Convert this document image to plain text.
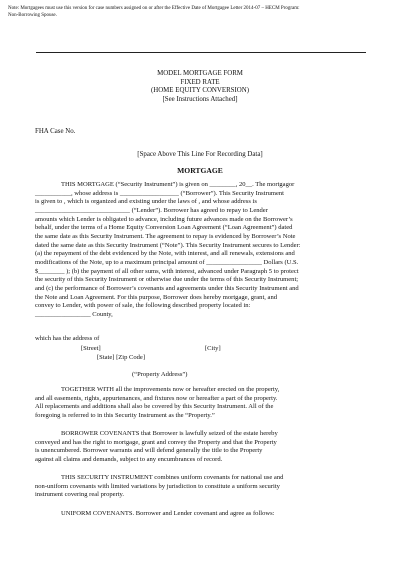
Note: Mortgagees must use this version for case numbers assigned on or after the Effective Date of Mortgagee Letter 2014-07 – HECM Program:
Non-Borrowing Spouse.
MODEL MORTGAGE FORM
FIXED RATE
(HOME EQUITY CONVERSION)
[See Instructions Attached]
FHA Case No.
[Space Above This Line For Recording Data]
MORTGAGE
THIS MORTGAGE (“Security Instrument”) is given on ________, 20__. The mortgagor
___________, whose address is __________________ (“Borrower”). This Security Instrument
is given to , which is organized and existing under the laws of , and whose address is
_____________________________ (“Lender”). Borrower has agreed to repay to Lender
amounts which Lender is obligated to advance, including future advances made on the Borrower’s
behalf, under the terms of a Home Equity Conversion Loan Agreement (“Loan Agreement”) dated
the same date as this Security Instrument. The agreement to repay is evidenced by Borrower’s Note
dated the same date as this Security Instrument (“Note”). This Security Instrument secures to Lender:
(a) the repayment of the debt evidenced by the Note, with interest, and all renewals, extensions and
modifications of the Note, up to a maximum principal amount of _________________ Dollars (U.S.
$________ ); (b) the payment of all other sums, with interest, advanced under Paragraph 5 to protect
the security of this Security Instrument or otherwise due under the terms of this Security Instrument;
and (c) the performance of Borrower’s covenants and agreements under this Security Instrument and
the Note and Loan Agreement. For this purpose, Borrower does hereby mortgage, grant, and
convey to Lender, with power of sale, the following described property located in:
_________________ County,
which has the address of
[Street]	[City]
[State] [Zip Code]
(“Property Address”)
TOGETHER WITH all the improvements now or hereafter erected on the property,
and all easements, rights, appurtenances, and fixtures now or hereafter a part of the property.
All replacements and additions shall also be covered by this Security Instrument. All of the
foregoing is referred to in this Security Instrument as the “Property.”
BORROWER COVENANTS that Borrower is lawfully seized of the estate hereby
conveyed and has the right to mortgage, grant and convey the Property and that the Property
is unencumbered. Borrower warrants and will defend generally the title to the Property
against all claims and demands, subject to any encumbrances of record.
THIS SECURITY INSTRUMENT combines uniform covenants for national use and
non-uniform covenants with limited variations by jurisdiction to constitute a uniform security
instrument covering real property.
UNIFORM COVENANTS. Borrower and Lender covenant and agree as follows:
